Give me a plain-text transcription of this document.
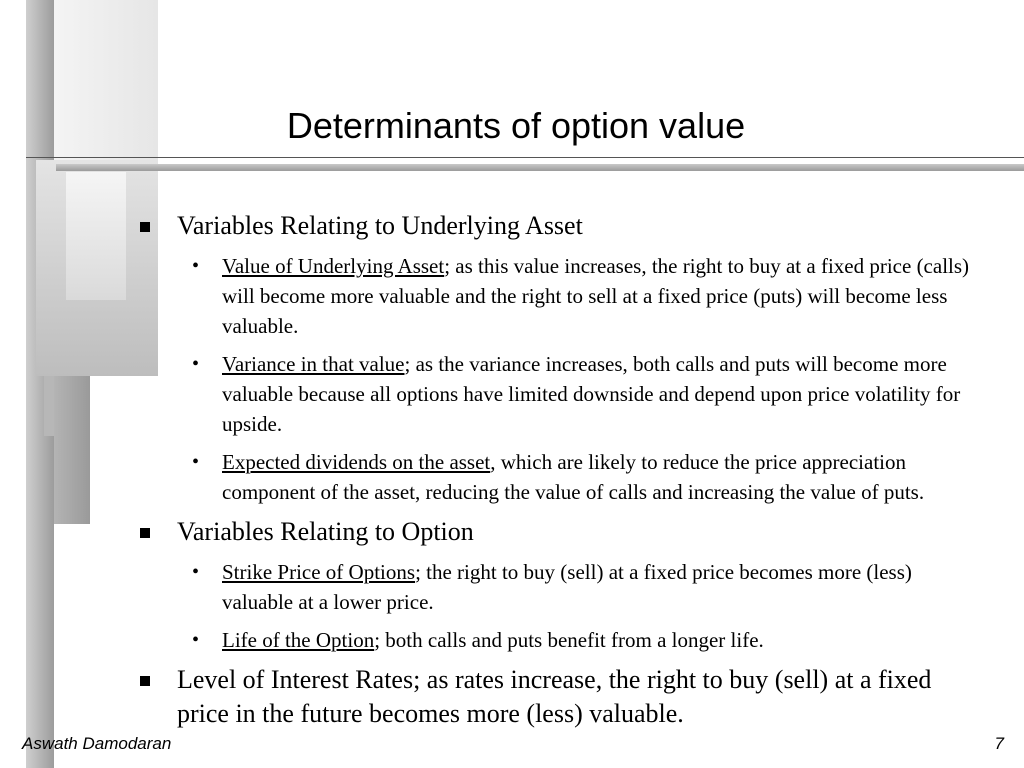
Determinants of option value
Variables Relating to Underlying Asset
• Value of Underlying Asset; as this value increases, the right to buy at a fixed price (calls) will become more valuable and the right to sell at a fixed price (puts) will become less valuable.
• Variance in that value; as the variance increases, both calls and puts will become more valuable because all options have limited downside and depend upon price volatility for upside.
• Expected dividends on the asset, which are likely to reduce the price appreciation component of the asset, reducing the value of calls and increasing the value of puts.
Variables Relating to Option
• Strike Price of Options; the right to buy (sell) at a fixed price becomes more (less) valuable at a lower price.
• Life of the Option; both calls and puts benefit from a longer life.
Level of Interest Rates; as rates increase, the right to buy (sell) at a fixed price in the future becomes more (less) valuable.
Aswath Damodaran	7
